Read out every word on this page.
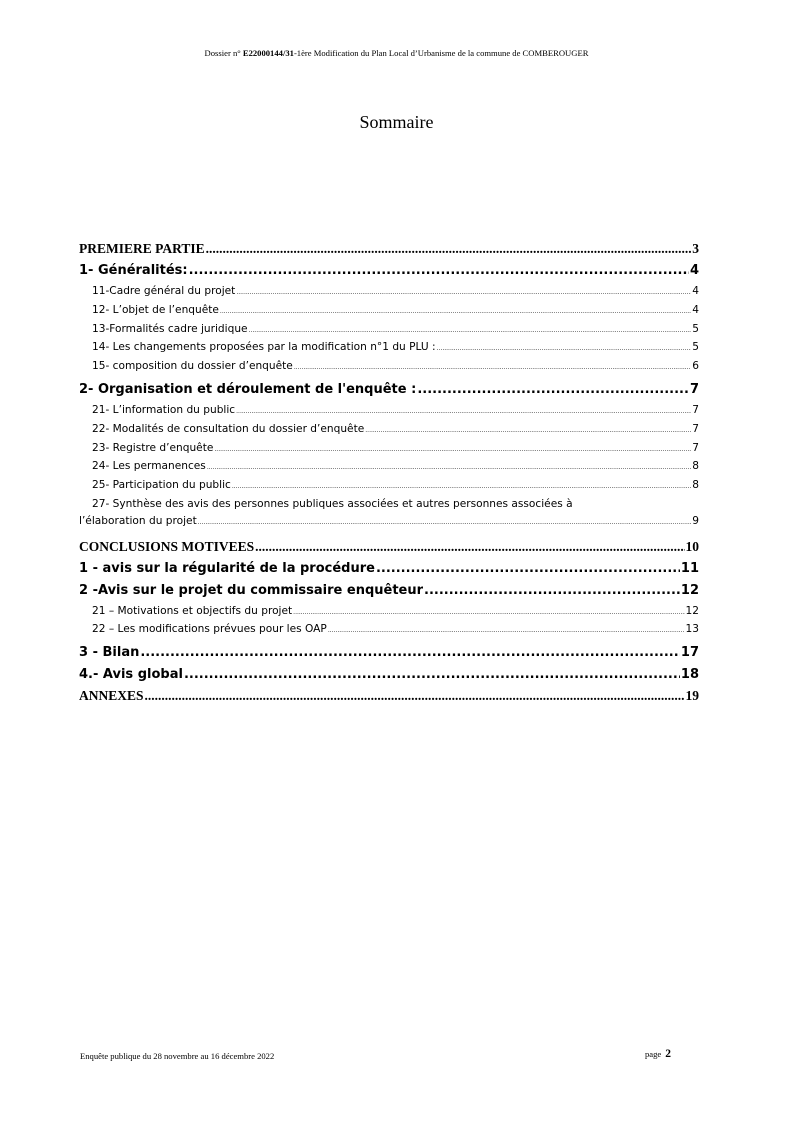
Dossier n° E22000144/31-1ère Modification du Plan Local d’Urbanisme de la commune de COMBEROUGER
Sommaire
PREMIERE PARTIE .....	3
1- Généralités: .....	4
11-Cadre général du projet .....	4
12- L’objet de l’enquête .....	4
13-Formalités cadre juridique .....	5
14- Les changements proposées par la modification n°1 du PLU : .....	5
15- composition du dossier d’enquête .....	6
2- Organisation et déroulement de l'enquête : .....	7
21- L’information du public .....	7
22- Modalités de consultation du dossier d’enquête .....	7
23- Registre d’enquête .....	7
24- Les permanences .....	8
25- Participation du public .....	8
27- Synthèse des avis des personnes publiques associées et autres personnes associées à
l’élaboration du projet .....	9
CONCLUSIONS MOTIVEES .....	10
1 - avis sur la régularité de la procédure .....	11
2 -Avis sur le projet du commissaire enquêteur .....	12
21 – Motivations et objectifs du projet .....	12
22 – Les modifications prévues pour les OAP .....	13
3 - Bilan .....	17
4.- Avis global .....	18
ANNEXES .....	19
Enquête publique du 28 novembre au 16 décembre 2022	page 2
